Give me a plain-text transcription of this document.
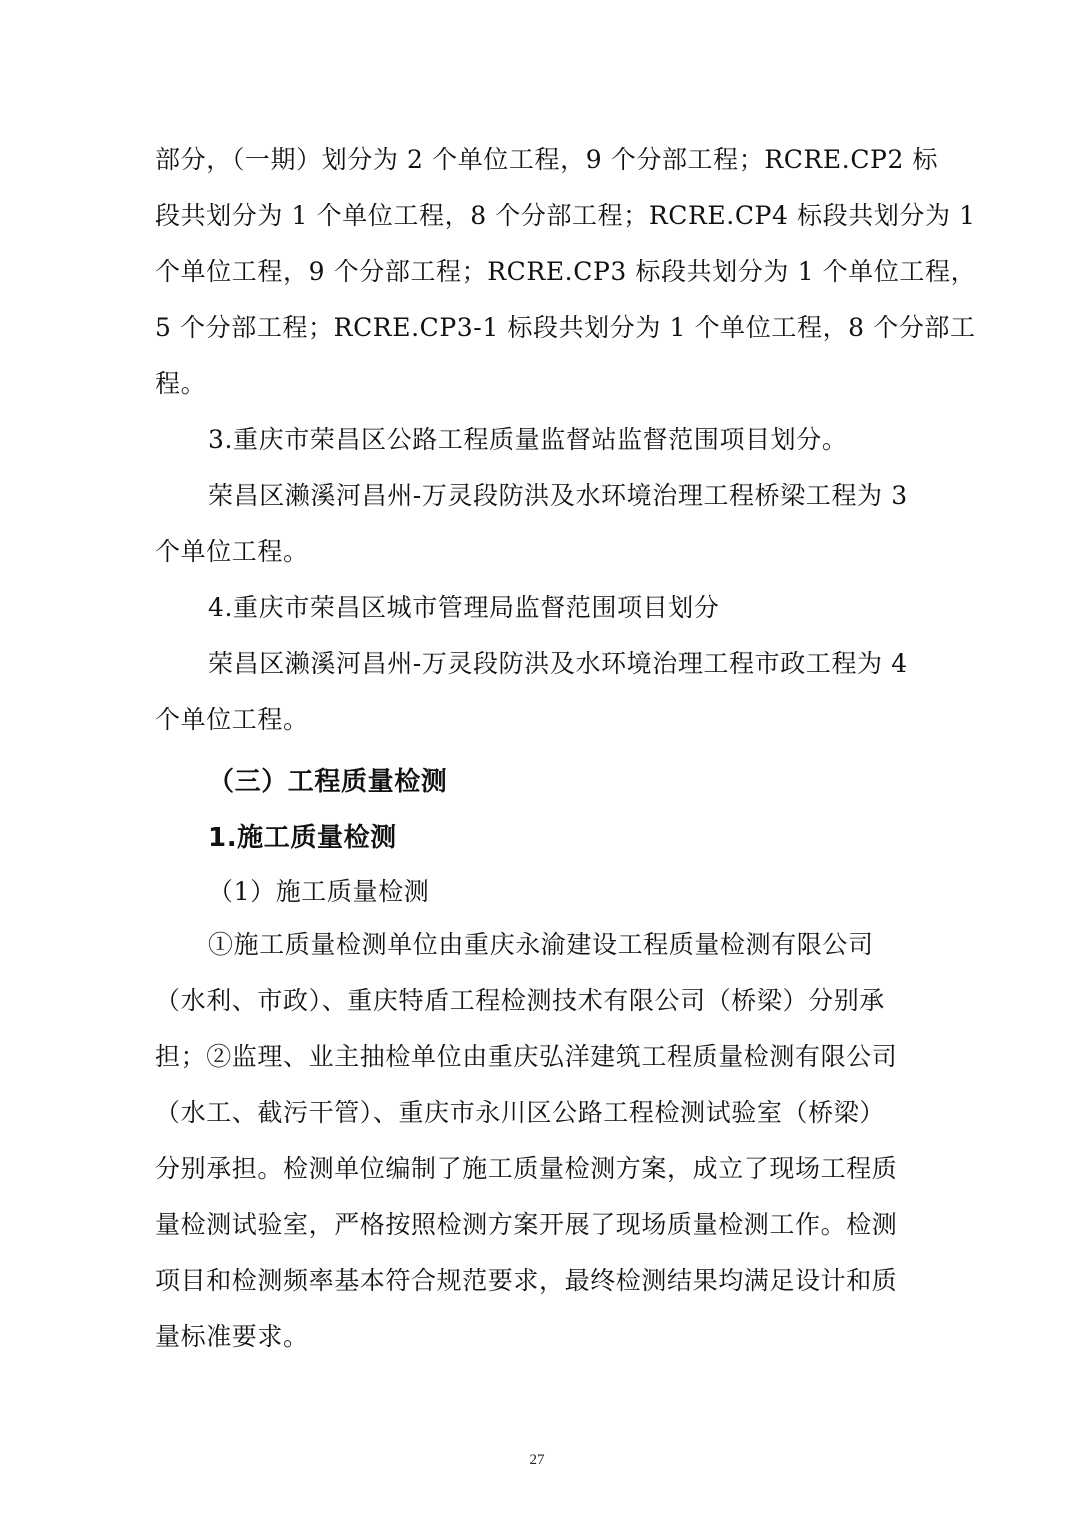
部分，（一期）划分为 2 个单位工程，9 个分部工程；RCRE.CP2 标
段共划分为 1 个单位工程，8 个分部工程；RCRE.CP4 标段共划分为 1
个单位工程，9 个分部工程；RCRE.CP3 标段共划分为 1 个单位工程，
5 个分部工程；RCRE.CP3-1 标段共划分为 1 个单位工程，8 个分部工
程。
3.重庆市荣昌区公路工程质量监督站监督范围项目划分。
荣昌区濑溪河昌州-万灵段防洪及水环境治理工程桥梁工程为 3
个单位工程。
4.重庆市荣昌区城市管理局监督范围项目划分
荣昌区濑溪河昌州-万灵段防洪及水环境治理工程市政工程为 4
个单位工程。
（三）工程质量检测
1.施工质量检测
（1）施工质量检测
①施工质量检测单位由重庆永渝建设工程质量检测有限公司
（水利、市政）、重庆特盾工程检测技术有限公司（桥梁）分别承
担；②监理、业主抽检单位由重庆弘洋建筑工程质量检测有限公司
（水工、截污干管）、重庆市永川区公路工程检测试验室（桥梁）
分别承担。检测单位编制了施工质量检测方案，成立了现场工程质
量检测试验室，严格按照检测方案开展了现场质量检测工作。检测
项目和检测频率基本符合规范要求，最终检测结果均满足设计和质
量标准要求。
27
